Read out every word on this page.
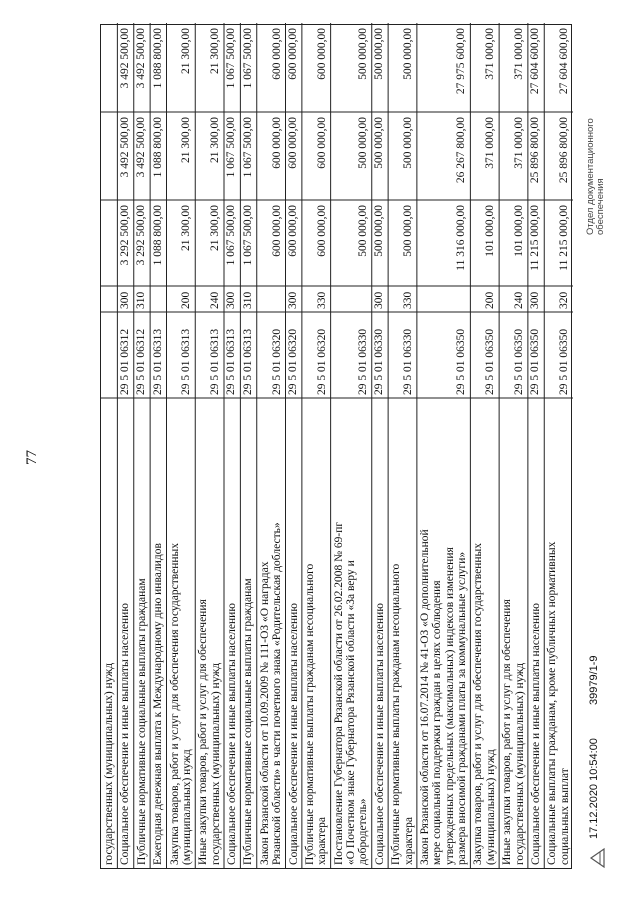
77
государственных (муниципальных) нужд Социальное обеспечение и иные выплаты населению
29 5 01 06312
300
3 292 500,00
3 492 500,00
3 492 500,00
Публичные нормативные социальные выплаты гражданам
29 5 01 06312
310
3 292 500,00
3 492 500,00
3 492 500,00
Ежегодная денежная выплата к Международному дню инвалидов
29 5 01 06313
1 088 800,00
1 088 800,00
1 088 800,00
Закупка товаров, работ и услуг для обеспечения государственных (муниципальных) нужд
29 5 01 06313
200
21 300,00
21 300,00
21 300,00
Иные закупки товаров, работ и услуг для обеспечения государственных (муниципальных) нужд
29 5 01 06313
240
21 300,00
21 300,00
21 300,00
Социальное обеспечение и иные выплаты населению
29 5 01 06313
300
1 067 500,00
1 067 500,00
1 067 500,00
Публичные нормативные социальные выплаты гражданам
29 5 01 06313
310
1 067 500,00
1 067 500,00
1 067 500,00
Закон Рязанской области от 10.09.2009 № 111-ОЗ «О наградах Рязанской области» в части почетного знака «Родительская доблесть»
29 5 01 06320
600 000,00
600 000,00
600 000,00
Социальное обеспечение и иные выплаты населению
29 5 01 06320
300
600 000,00
600 000,00
600 000,00
Публичные нормативные выплаты гражданам несоциального характера
29 5 01 06320
330
600 000,00
600 000,00
600 000,00
Постановление Губернатора Рязанской области от 26.02.2008 № 69-пг «О Почетном знаке Губернатора Рязанской области «За веру и добродетель»
29 5 01 06330
500 000,00
500 000,00
500 000,00
Социальное обеспечение и иные выплаты населению
29 5 01 06330
300
500 000,00
500 000,00
500 000,00
Публичные нормативные выплаты гражданам несоциального характера
29 5 01 06330
330
500 000,00
500 000,00
500 000,00
Закон Рязанской области от 16.07.2014 № 41-ОЗ «О дополнительной мере социальной поддержки граждан в целях соблюдения утвержденных предельных (максимальных) индексов изменения размера вносимой гражданами платы за коммунальные услуги»
29 5 01 06350
11 316 000,00
26 267 800,00
27 975 600,00
Закупка товаров, работ и услуг для обеспечения государственных (муниципальных) нужд
29 5 01 06350
200
101 000,00
371 000,00
371 000,00
Иные закупки товаров, работ и услуг для обеспечения государственных (муниципальных) нужд
29 5 01 06350
240
101 000,00
371 000,00
371 000,00
Социальное обеспечение и иные выплаты населению
29 5 01 06350
300
11 215 000,00
25 896 800,00
27 604 600,00
Социальные выплаты гражданам, кроме публичных нормативных социальных выплат
29 5 01 06350
320
11 215 000,00
25 896 800,00
27 604 600,00
17.12.2020 10:54:00
39979/1-9
Отдел документационного обеспечения
